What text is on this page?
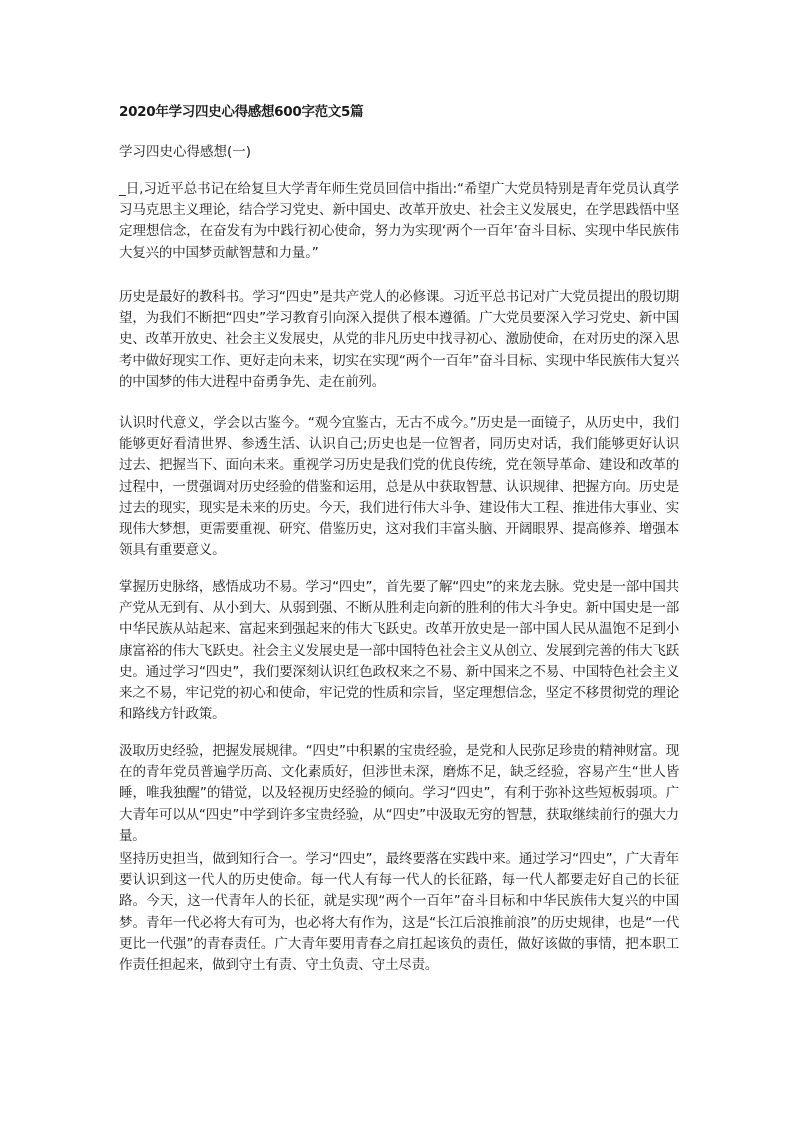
2020年学习四史心得感想600字范文5篇
学习四史心得感想(一)

_日,习近平总书记在给复旦大学青年师生党员回信中指出:“希望广大党员特别是青年党员认真学习马克思主义理论，结合学习党史、新中国史、改革开放史、社会主义发展史，在学思践悟中坚定理想信念，在奋发有为中践行初心使命，努力为实现‘两个一百年’奋斗目标、实现中华民族伟大复兴的中国梦贡献智慧和力量。”

历史是最好的教科书。学习“四史”是共产党人的必修课。习近平总书记对广大党员提出的殷切期望，为我们不断把“四史”学习教育引向深入提供了根本遵循。广大党员要深入学习党史、新中国史、改革开放史、社会主义发展史，从党的非凡历史中找寻初心、激励使命，在对历史的深入思考中做好现实工作、更好走向未来，切实在实现“两个一百年”奋斗目标、实现中华民族伟大复兴的中国梦的伟大进程中奋勇争先、走在前列。

认识时代意义，学会以古鉴今。“观今宜鉴古，无古不成今。”历史是一面镜子，从历史中，我们能够更好看清世界、参透生活、认识自己;历史也是一位智者，同历史对话，我们能够更好认识过去、把握当下、面向未来。重视学习历史是我们党的优良传统，党在领导革命、建设和改革的过程中，一贯强调对历史经验的借鉴和运用，总是从中获取智慧、认识规律、把握方向。历史是过去的现实，现实是未来的历史。今天，我们进行伟大斗争、建设伟大工程、推进伟大事业、实现伟大梦想，更需要重视、研究、借鉴历史，这对我们丰富头脑、开阔眼界、提高修养、增强本领具有重要意义。

掌握历史脉络，感悟成功不易。学习“四史”，首先要了解“四史”的来龙去脉。党史是一部中国共产党从无到有、从小到大、从弱到强、不断从胜利走向新的胜利的伟大斗争史。新中国史是一部中华民族从站起来、富起来到强起来的伟大飞跃史。改革开放史是一部中国人民从温饱不足到小康富裕的伟大飞跃史。社会主义发展史是一部中国特色社会主义从创立、发展到完善的伟大飞跃史。通过学习“四史”，我们要深刻认识红色政权来之不易、新中国来之不易、中国特色社会主义来之不易，牢记党的初心和使命，牢记党的性质和宗旨，坚定理想信念，坚定不移贯彻党的理论和路线方针政策。

汲取历史经验，把握发展规律。“四史”中积累的宝贵经验，是党和人民弥足珍贵的精神财富。现在的青年党员普遍学历高、文化素质好，但涉世未深，磨炼不足，缺乏经验，容易产生“世人皆睡，唯我独醒”的错觉，以及轻视历史经验的倾向。学习“四史”，有利于弥补这些短板弱项。广大青年可以从“四史”中学到许多宝贵经验，从“四史”中汲取无穷的智慧，获取继续前行的强大力量。

坚持历史担当，做到知行合一。学习“四史”，最终要落在实践中来。通过学习“四史”，广大青年要认识到这一代人的历史使命。每一代人有每一代人的长征路，每一代人都要走好自己的长征路。今天，这一代青年人的长征，就是实现“两个一百年”奋斗目标和中华民族伟大复兴的中国梦。青年一代必将大有可为，也必将大有作为，这是“长江后浪推前浪”的历史规律，也是“一代更比一代强”的青春责任。广大青年要用青春之肩扛起该负的责任，做好该做的事情，把本职工作责任担起来，做到守土有责、守土负责、守土尽责。
